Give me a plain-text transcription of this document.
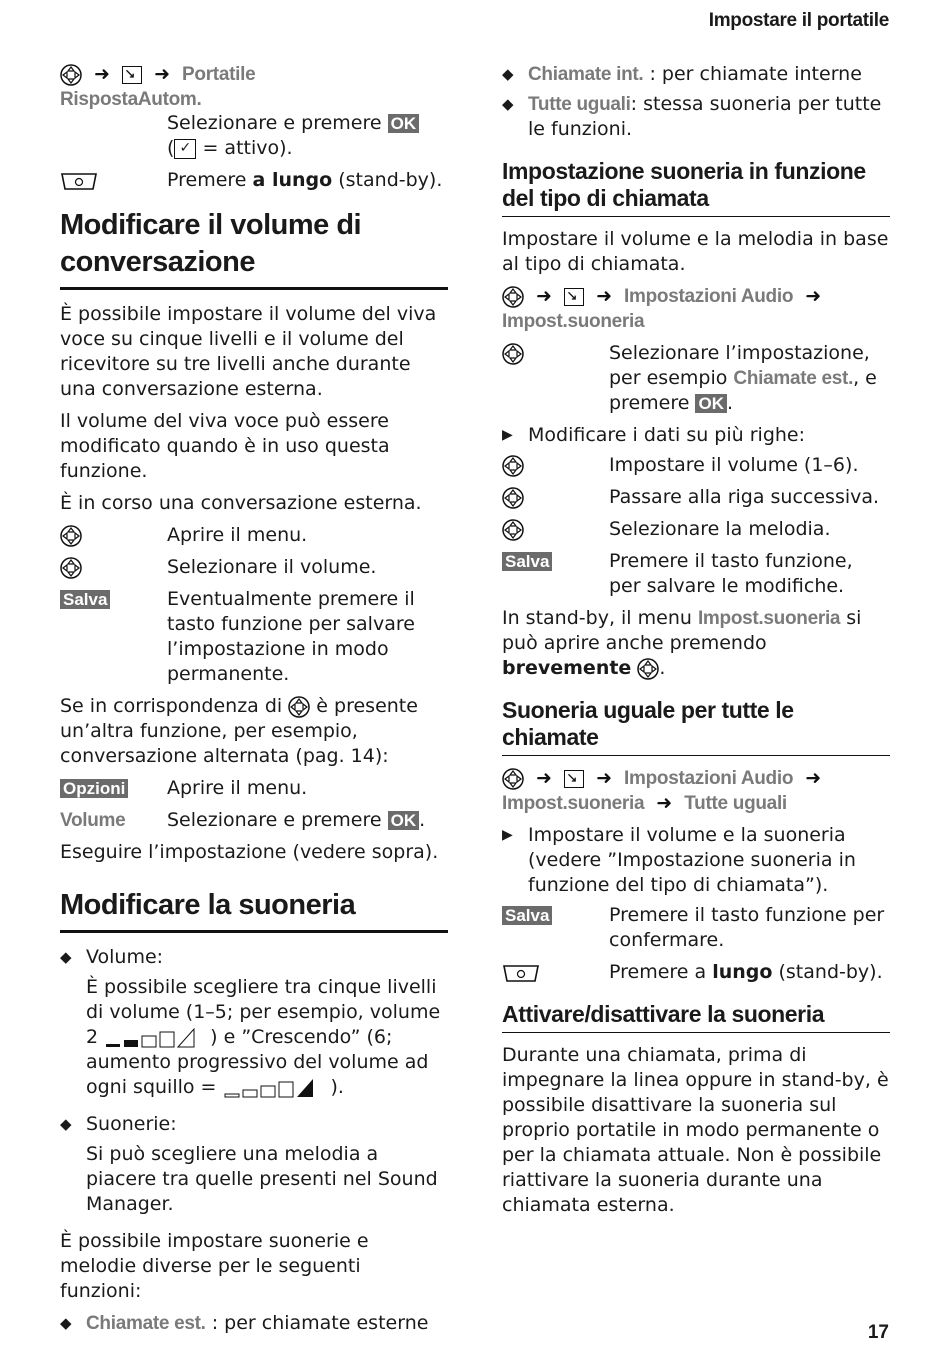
Impostare il portatile

➜ ➜ Portatile
RispostaAutom.

Selezionare e premere OK
( ✓ = attivo).
Premere a lungo (stand-by).
Modificare il volume di conversazione

È possibile impostare il volume del viva voce su cinque livelli e il volume del ricevitore su tre livelli anche durante una conversazione esterna.

Il volume del viva voce può essere modificato quando è in uso questa funzione.

È in corso una conversazione esterna.

Aprire il menu.
Selezionare il volume.
Salva	Eventualmente premere il tasto funzione per salvare l’impostazione in modo permanente.

Se in corrispondenza di è presente un’altra funzione, per esempio, conversazione alternata (pag. 14):

Opzioni	Aprire il menu.
Volume	Selezionare e premere OK .

Eseguire l’impostazione (vedere sopra).

Modificare la suoneria
◆ Volume:

È possibile scegliere tra cinque livelli di volume (1–5; per esempio, volume 2	) e ”Crescendo” (6; aumento progressivo del volume ad ogni squillo =	).

◆ Suonerie:

Si può scegliere una melodia a piacere tra quelle presenti nel Sound Manager.

È possibile impostare suonerie e melodie diverse per le seguenti funzioni:

◆ Chiamate est. : per chiamate esterne
◆ Chiamate int. : per chiamate interne
◆ Tutte uguali: stessa suoneria per tutte le funzioni.
Impostazione suoneria in funzione del tipo di chiamata

Impostare il volume e la melodia in base al tipo di chiamata.

➜ ➜ Impostazioni Audio ➜
Impost.suoneria

Selezionare l’impostazione, per esempio Chiamate est., e premere OK .
▶ Modificare i dati su più righe:
Impostare il volume (1–6).
Passare alla riga successiva.
Selezionare la melodia.
Salva	Premere il tasto funzione, per salvare le modifiche.

In stand-by, il menu Impost.suoneria si può aprire anche premendo brevemente .

Suoneria uguale per tutte le chiamate

➜ ➜ Impostazioni Audio ➜
Impost.suoneria ➜ Tutte uguali

▶ Impostare il volume e la suoneria (vedere ”Impostazione suoneria in funzione del tipo di chiamata”).
Salva	Premere il tasto funzione per confermare.
Premere a lungo (stand-by).
Attivare/disattivare la suoneria

Durante una chiamata, prima di impegnare la linea oppure in stand-by, è possibile disattivare la suoneria sul proprio portatile in modo permanente o per la chiamata attuale. Non è possibile riattivare la suoneria durante una chiamata esterna.

17
